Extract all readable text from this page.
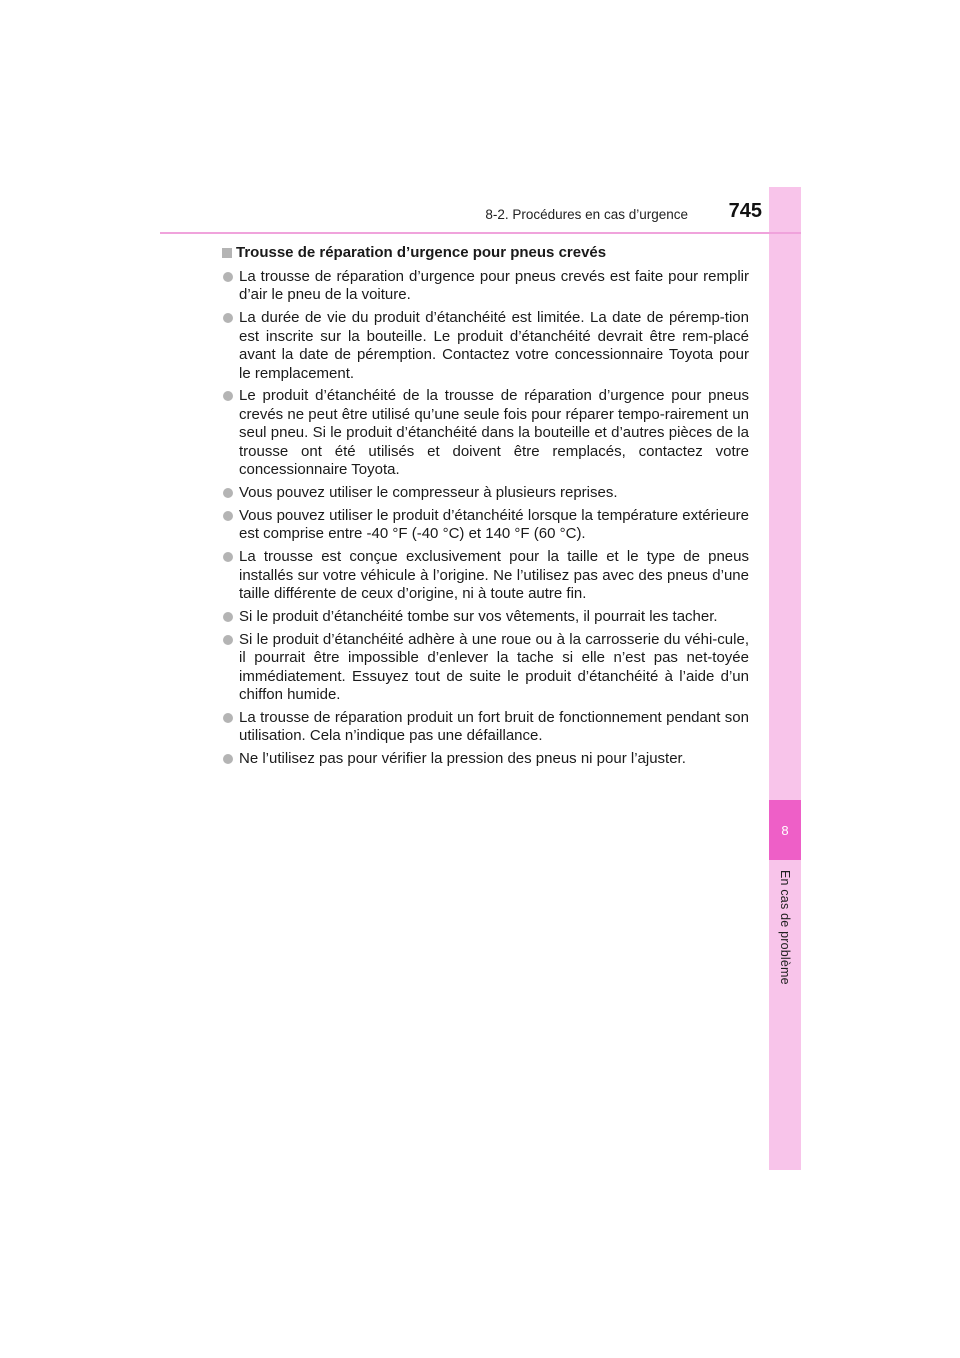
8
En cas de problème
8-2. Procédures en cas d’urgence	745
Trousse de réparation d’urgence pour pneus crevés
La trousse de réparation d’urgence pour pneus crevés est faite pour remplir d’air le pneu de la voiture.
La durée de vie du produit d’étanchéité est limitée. La date de péremp-tion est inscrite sur la bouteille. Le produit d’étanchéité devrait être rem-placé avant la date de péremption. Contactez votre concessionnaire Toyota pour le remplacement.
Le produit d’étanchéité de la trousse de réparation d’urgence pour pneus crevés ne peut être utilisé qu’une seule fois pour réparer tempo-rairement un seul pneu. Si le produit d’étanchéité dans la bouteille et d’autres pièces de la trousse ont été utilisés et doivent être remplacés, contactez votre concessionnaire Toyota.
Vous pouvez utiliser le compresseur à plusieurs reprises.
Vous pouvez utiliser le produit d’étanchéité lorsque la température extérieure est comprise entre -40 °F (-40 °C) et 140 °F (60 °C).
La trousse est conçue exclusivement pour la taille et le type de pneus installés sur votre véhicule à l’origine. Ne l’utilisez pas avec des pneus d’une taille différente de ceux d’origine, ni à toute autre fin.
Si le produit d’étanchéité tombe sur vos vêtements, il pourrait les tacher.
Si le produit d’étanchéité adhère à une roue ou à la carrosserie du véhi-cule, il pourrait être impossible d’enlever la tache si elle n’est pas net-toyée immédiatement. Essuyez tout de suite le produit d’étanchéité à l’aide d’un chiffon humide.
La trousse de réparation produit un fort bruit de fonctionnement pendant son utilisation. Cela n’indique pas une défaillance.
Ne l’utilisez pas pour vérifier la pression des pneus ni pour l’ajuster.
